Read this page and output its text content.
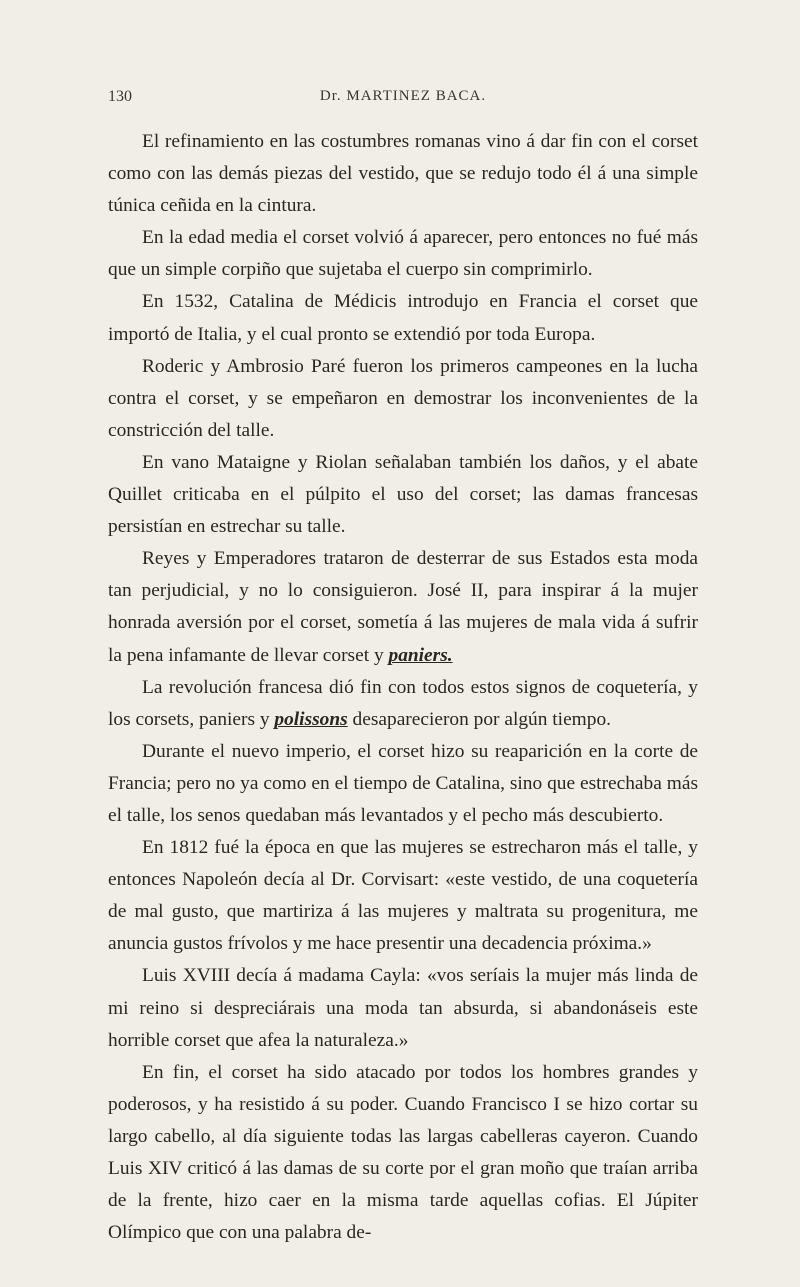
130	Dr. MARTINEZ BACA.

El refinamiento en las costumbres romanas vino á dar fin con el corset como con las demás piezas del vestido, que se redujo todo él á una simple túnica ceñida en la cintura.

En la edad media el corset volvió á aparecer, pero entonces no fué más que un simple corpiño que sujetaba el cuerpo sin comprimirlo.

En 1532, Catalina de Médicis introdujo en Francia el corset que importó de Italia, y el cual pronto se extendió por toda Europa.

Roderic y Ambrosio Paré fueron los primeros campeones en la lucha contra el corset, y se empeñaron en demostrar los inconvenientes de la constricción del talle.

En vano Mataigne y Riolan señalaban también los daños, y el abate Quillet criticaba en el púlpito el uso del corset; las damas francesas persistían en estrechar su talle.

Reyes y Emperadores trataron de desterrar de sus Estados esta moda tan perjudicial, y no lo consiguieron. José II, para inspirar á la mujer honrada aversión por el corset, sometía á las mujeres de mala vida á sufrir la pena infamante de llevar corset y paniers.

La revolución francesa dió fin con todos estos signos de coquetería, y los corsets, paniers y polissons desaparecieron por algún tiempo.

Durante el nuevo imperio, el corset hizo su reaparición en la corte de Francia; pero no ya como en el tiempo de Catalina, sino que estrechaba más el talle, los senos quedaban más levantados y el pecho más descubierto.

En 1812 fué la época en que las mujeres se estrecharon más el talle, y entonces Napoleón decía al Dr. Corvisart: «este vestido, de una coquetería de mal gusto, que martiriza á las mujeres y maltrata su progenitura, me anuncia gustos frívolos y me hace presentir una decadencia próxima.»

Luis XVIII decía á madama Cayla: «vos seríais la mujer más linda de mi reino si despreciárais una moda tan absurda, si abandonáseis este horrible corset que afea la naturaleza.»

En fin, el corset ha sido atacado por todos los hombres grandes y poderosos, y ha resistido á su poder. Cuando Francisco I se hizo cortar su largo cabello, al día siguiente todas las largas cabelleras cayeron. Cuando Luis XIV criticó á las damas de su corte por el gran moño que traían arriba de la frente, hizo caer en la misma tarde aquellas cofias. El Júpiter Olímpico que con una palabra de-
